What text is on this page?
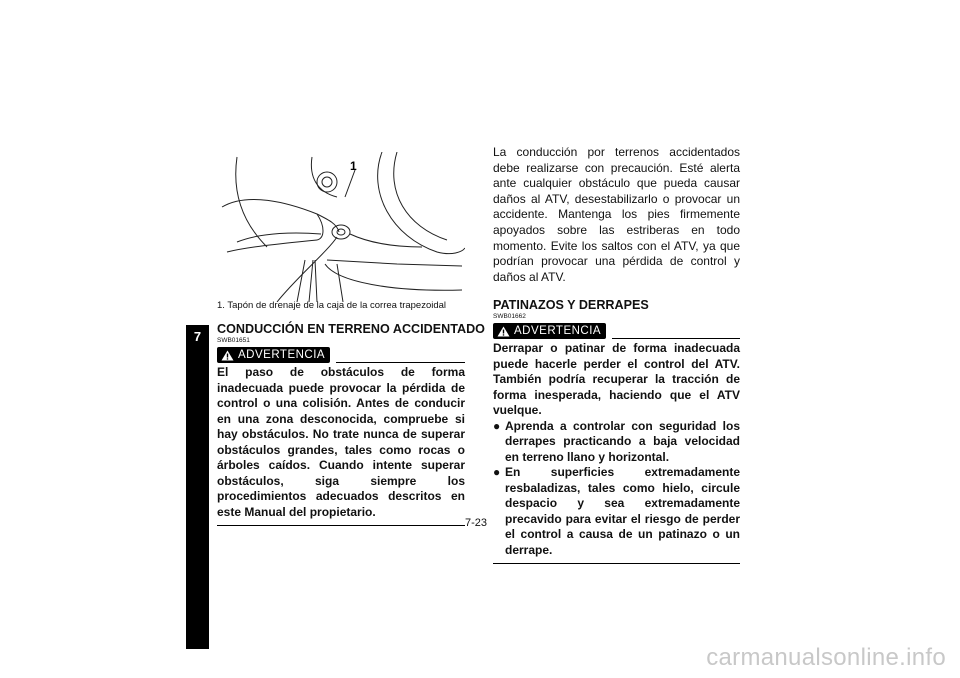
7
1
1. Tapón de drenaje de la caja de la correa trapezoidal

CONDUCCIÓN EN TERRENO ACCIDENTADO

SWB01651
ADVERTENCIA

El paso de obstáculos de forma inadecuada puede provocar la pérdida de control o una colisión. Antes de conducir en una zona desconocida, compruebe si hay obstáculos. No trate nunca de superar obstáculos grandes, tales como rocas o árboles caídos. Cuando intente superar obstáculos, siga siempre los procedimientos adecuados descritos en este Manual del propietario.

La conducción por terrenos accidentados debe realizarse con precaución. Esté alerta ante cualquier obstáculo que pueda causar daños al ATV, desestabilizarlo o provocar un accidente. Mantenga los pies firmemente apoyados sobre las estriberas en todo momento. Evite los saltos con el ATV, ya que podrían provocar una pérdida de control y daños al ATV.

PATINAZOS Y DERRAPES

SWB01662
ADVERTENCIA

Derrapar o patinar de forma inadecuada puede hacerle perder el control del ATV. También podría recuperar la tracción de forma inesperada, haciendo que el ATV vuelque.

● Aprenda a controlar con seguridad los derrapes practicando a baja velocidad en terreno llano y horizontal.
● En superficies extremadamente resbaladizas, tales como hielo, circule despacio y sea extremadamente precavido para evitar el riesgo de perder el control a causa de un patinazo o un derrape.
7-23
carmanualsonline.info
